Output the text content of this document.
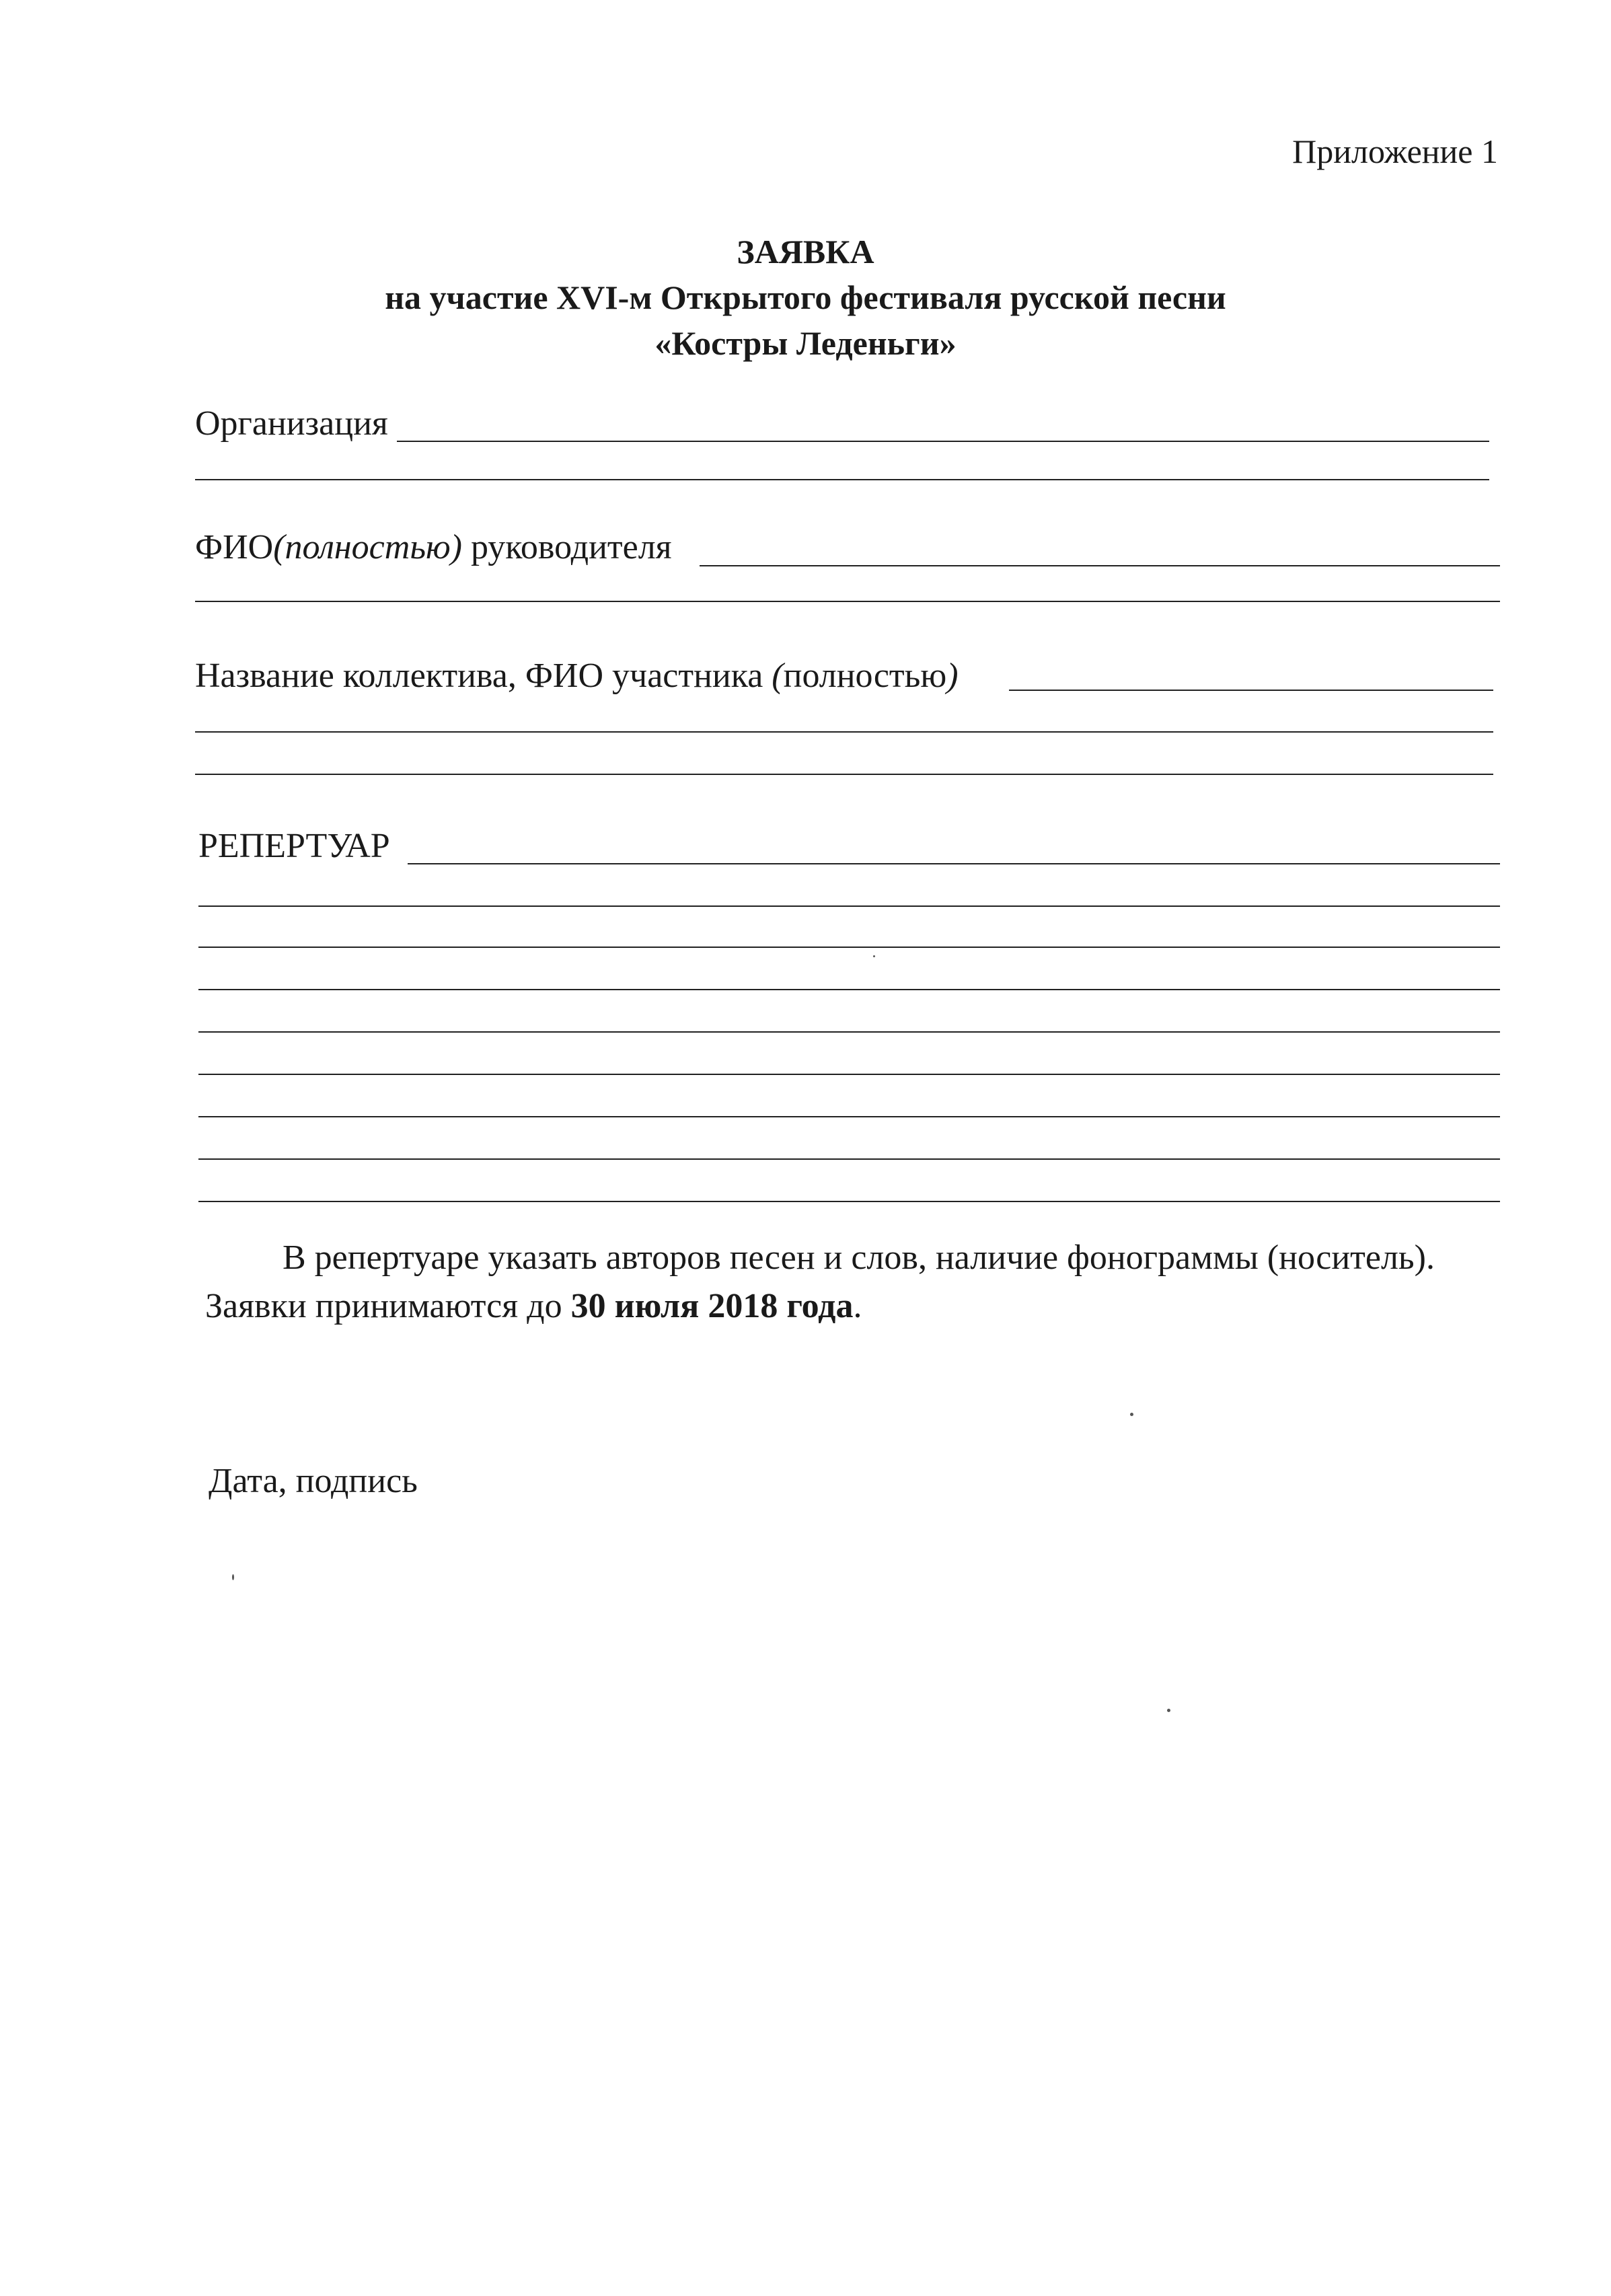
Приложение 1
ЗАЯВКА
на участие XVI-м Открытого фестиваля русской песни
«Костры Леденьги»
Организация
ФИО(полностью) руководителя
Название коллектива, ФИО участника (полностью)
РЕПЕРТУАР
В репертуаре указать авторов песен и слов, наличие фонограммы (носитель).
Заявки принимаются до 30 июля 2018 года.
Дата, подпись
